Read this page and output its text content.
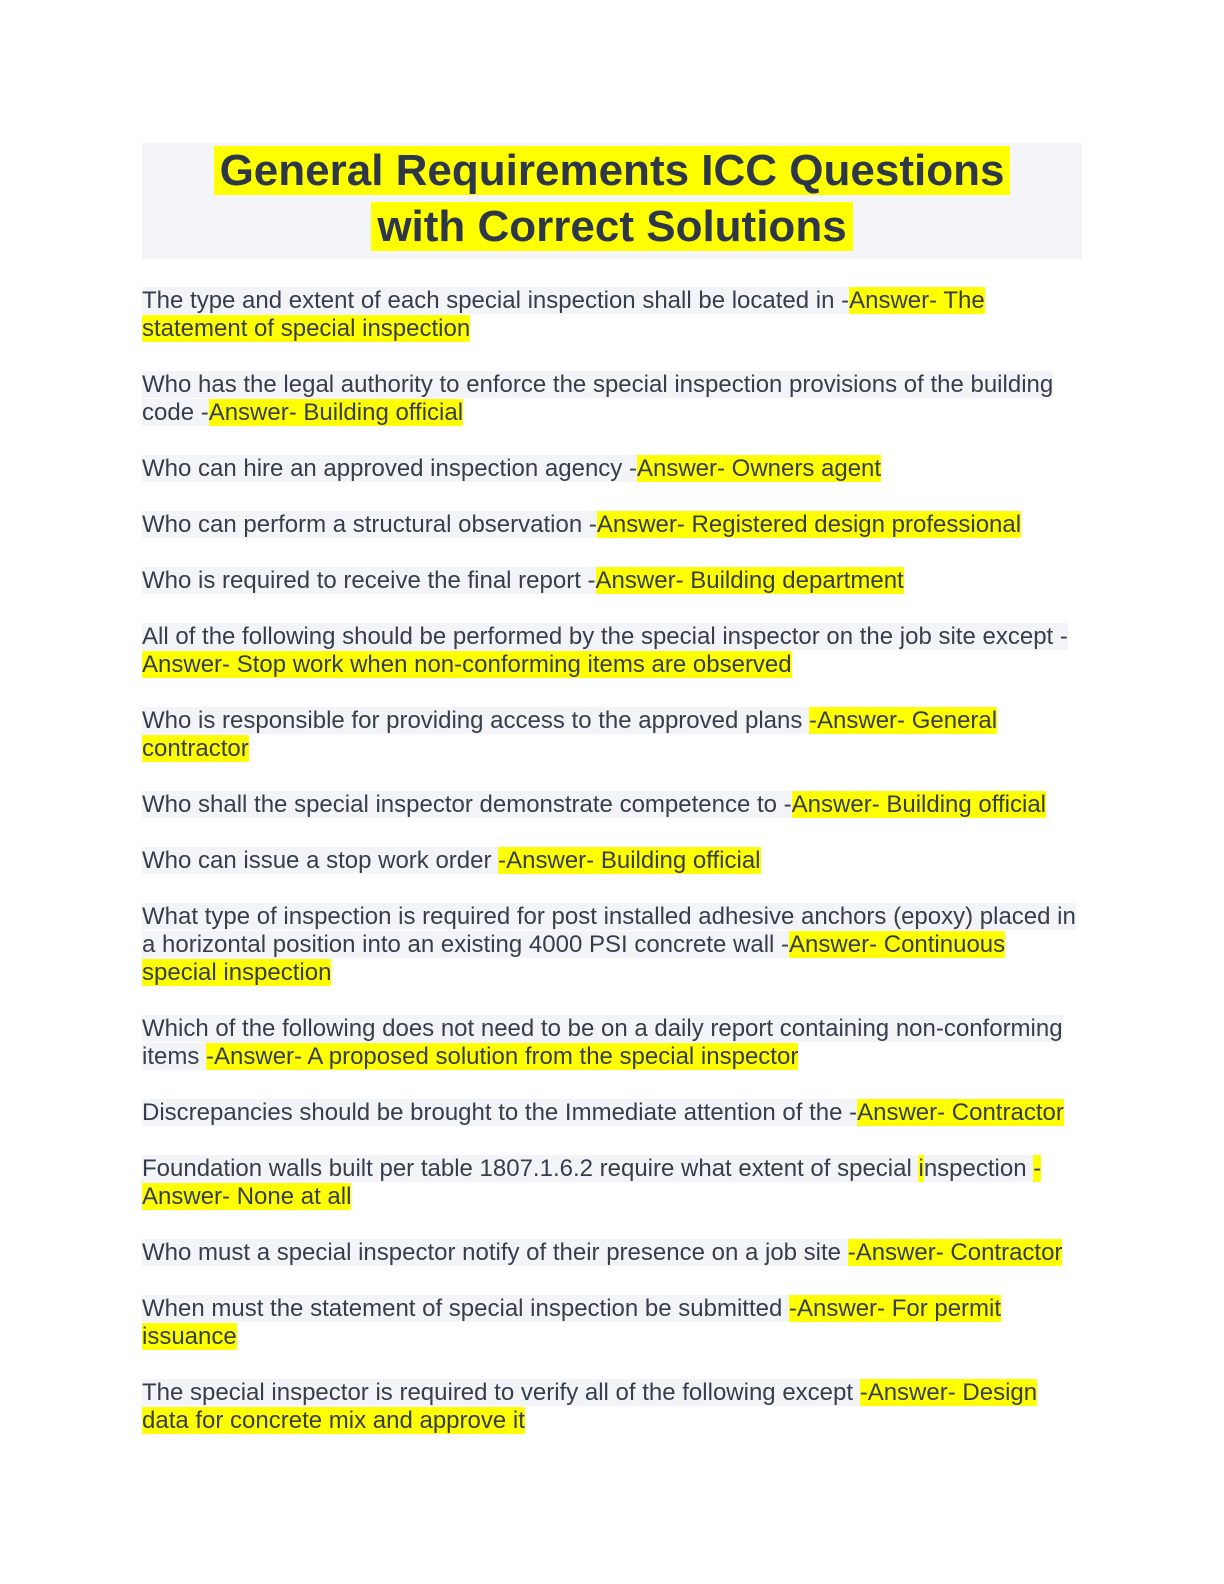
General Requirements ICC Questions
with Correct Solutions

The type and extent of each special inspection shall be located in -Answer- The statement of special inspection

Who has the legal authority to enforce the special inspection provisions of the building code -Answer- Building official

Who can hire an approved inspection agency -Answer- Owners agent

Who can perform a structural observation -Answer- Registered design professional

Who is required to receive the final report -Answer- Building department

All of the following should be performed by the special inspector on the job site except -Answer- Stop work when non-conforming items are observed

Who is responsible for providing access to the approved plans -Answer- General contractor

Who shall the special inspector demonstrate competence to -Answer- Building official

Who can issue a stop work order -Answer- Building official

What type of inspection is required for post installed adhesive anchors (epoxy) placed in a horizontal position into an existing 4000 PSI concrete wall -Answer- Continuous special inspection

Which of the following does not need to be on a daily report containing non-conforming items -Answer- A proposed solution from the special inspector

Discrepancies should be brought to the Immediate attention of the -Answer- Contractor

Foundation walls built per table 1807.1.6.2 require what extent of special inspection -Answer- None at all

Who must a special inspector notify of their presence on a job site -Answer- Contractor

When must the statement of special inspection be submitted -Answer- For permit issuance

The special inspector is required to verify all of the following except -Answer- Design data for concrete mix and approve it
